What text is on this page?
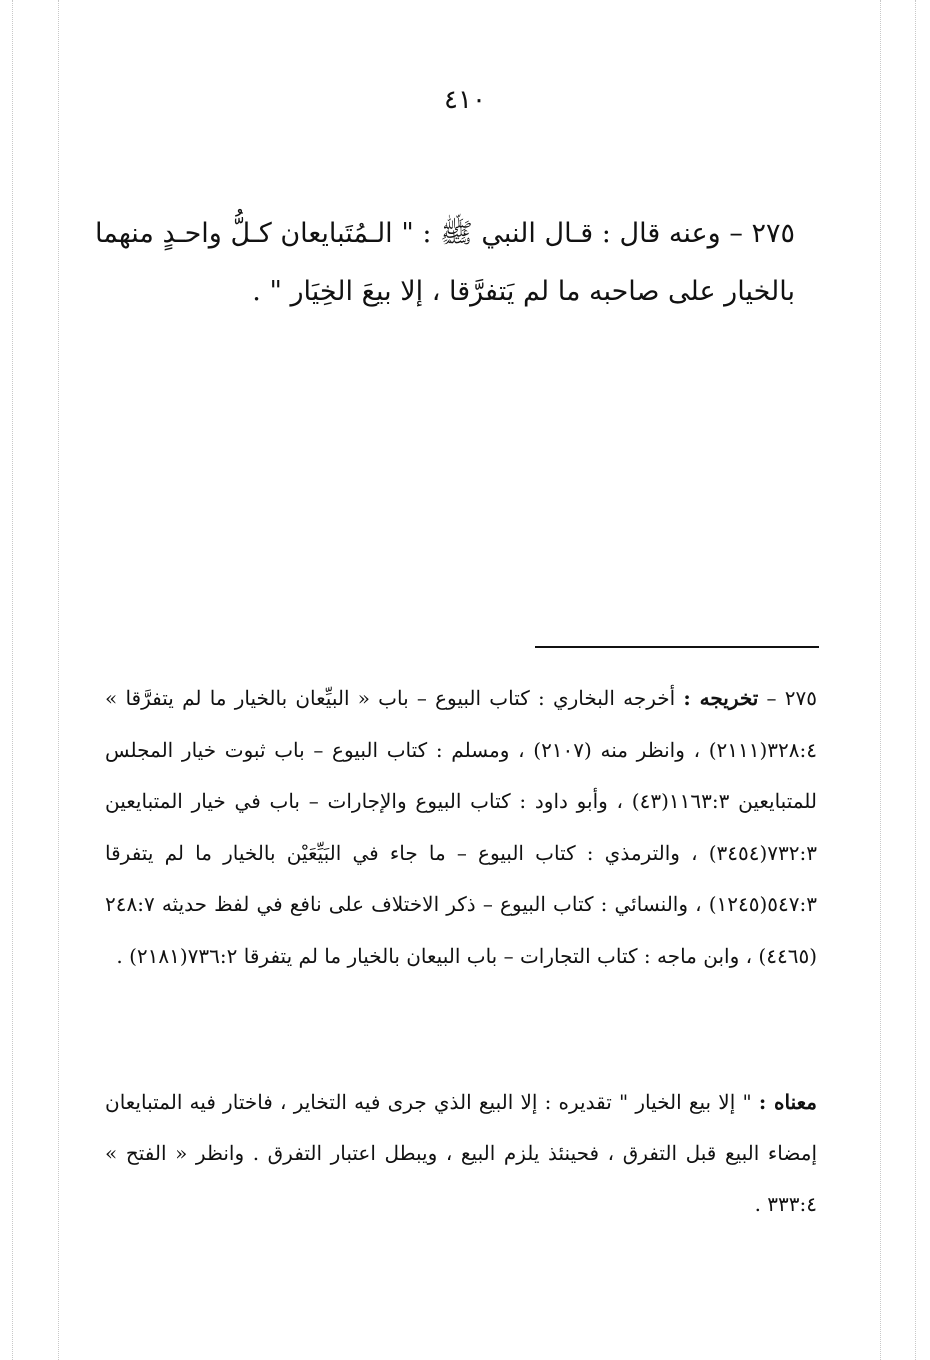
٤١٠
٢٧٥ – وعنه قال : قـال النبي ﷺ : " الـمُتَبايعان كـلُّ واحـدٍ منهما بالخيار على صاحبه ما لم يَتفرَّقا ، إلا بيعَ الخِيَار " .
٢٧٥ – تخريجه : أخرجه البخاري : كتاب البيوع – باب « البيِّعان بالخيار ما لم يتفرَّقا » ٣٢٨:٤(٢١١١) ، وانظر منه (٢١٠٧) ، ومسلم : كتاب البيوع – باب ثبوت خيار المجلس للمتبايعين ١١٦٣:٣(٤٣) ، وأبو داود : كتاب البيوع والإجارات – باب في خيار المتبايعين ٧٣٢:٣(٣٤٥٤) ، والترمذي : كتاب البيوع – ما جاء في البَيِّعَيْن بالخيار ما لم يتفرقا ٥٤٧:٣(١٢٤٥) ، والنسائي : كتاب البيوع – ذكر الاختلاف على نافع في لفظ حديثه ٢٤٨:٧ (٤٤٦٥) ، وابن ماجه : كتاب التجارات – باب البيعان بالخيار ما لم يتفرقا ٧٣٦:٢(٢١٨١) .
معناه : " إلا بيع الخيار " تقديره : إلا البيع الذي جرى فيه التخاير ، فاختار فيه المتبايعان إمضاء البيع قبل التفرق ، فحينئذ يلزم البيع ، ويبطل اعتبار التفرق . وانظر « الفتح » ٣٣٣:٤ .
